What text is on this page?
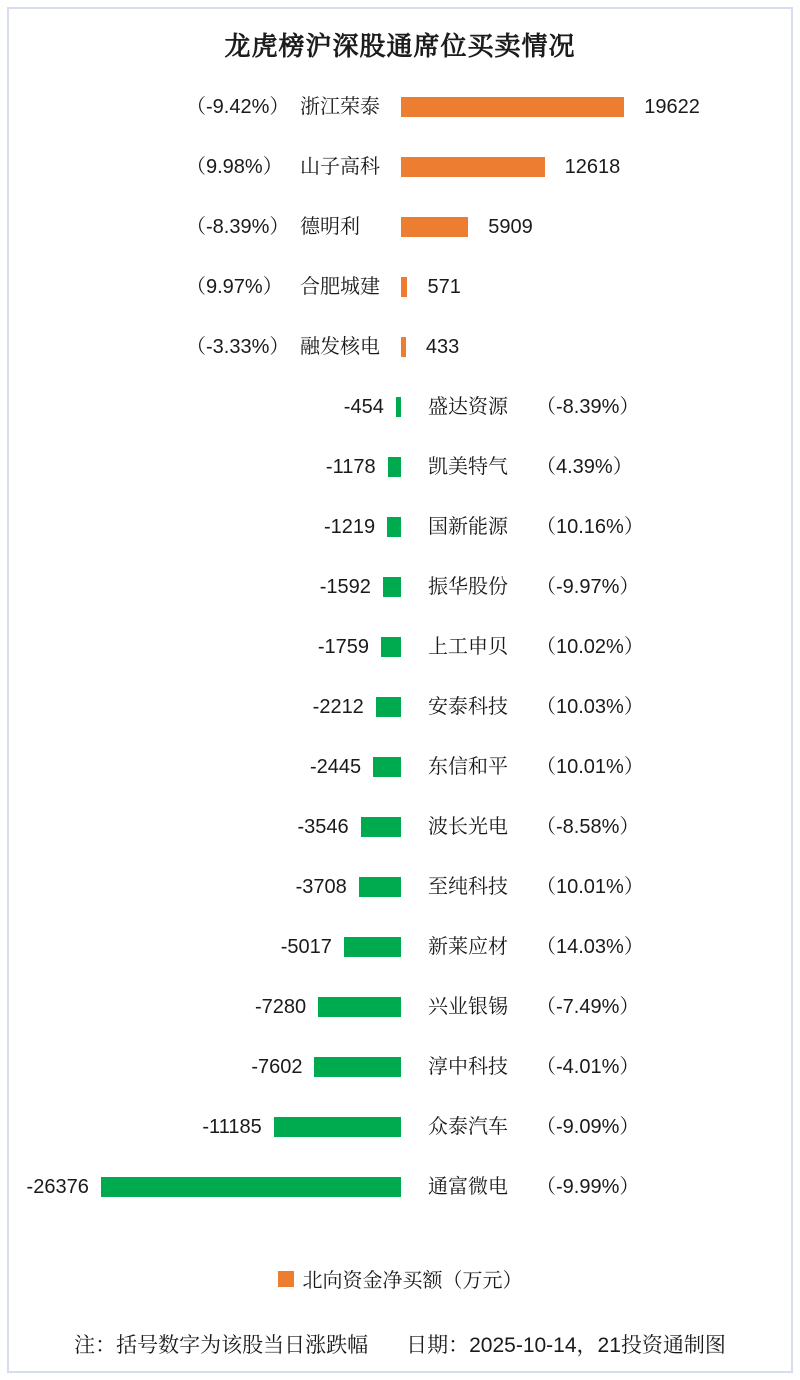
龙虎榜沪深股通席位买卖情况
（-9.42%） 浙江荣泰	19622
（9.98%） 山子高科	12618
（-8.39%） 德明利	5909
（9.97%） 合肥城建 571
（-3.33%） 融发核电 433
-454 盛达资源 （-8.39%）
-1178	凯美特气 （4.39%）
-1219	国新能源 （10.16%）
-1592	振华股份 （-9.97%）
-1759	上工申贝 （10.02%）
-2212	安泰科技 （10.03%）
-2445	东信和平 （10.01%）
-3546	波长光电 （-8.58%）
-3708	至纯科技 （10.01%）
-5017	新莱应材 （14.03%）
-7280	兴业银锡 （-7.49%）
-7602	淳中科技 （-4.01%）
-11185	众泰汽车 （-9.09%）
-26376	通富微电 （-9.99%）
北向资金净买额（万元）
注：括号数字为该股当日涨跌幅 日期：2025-10-14，21投资通制图
